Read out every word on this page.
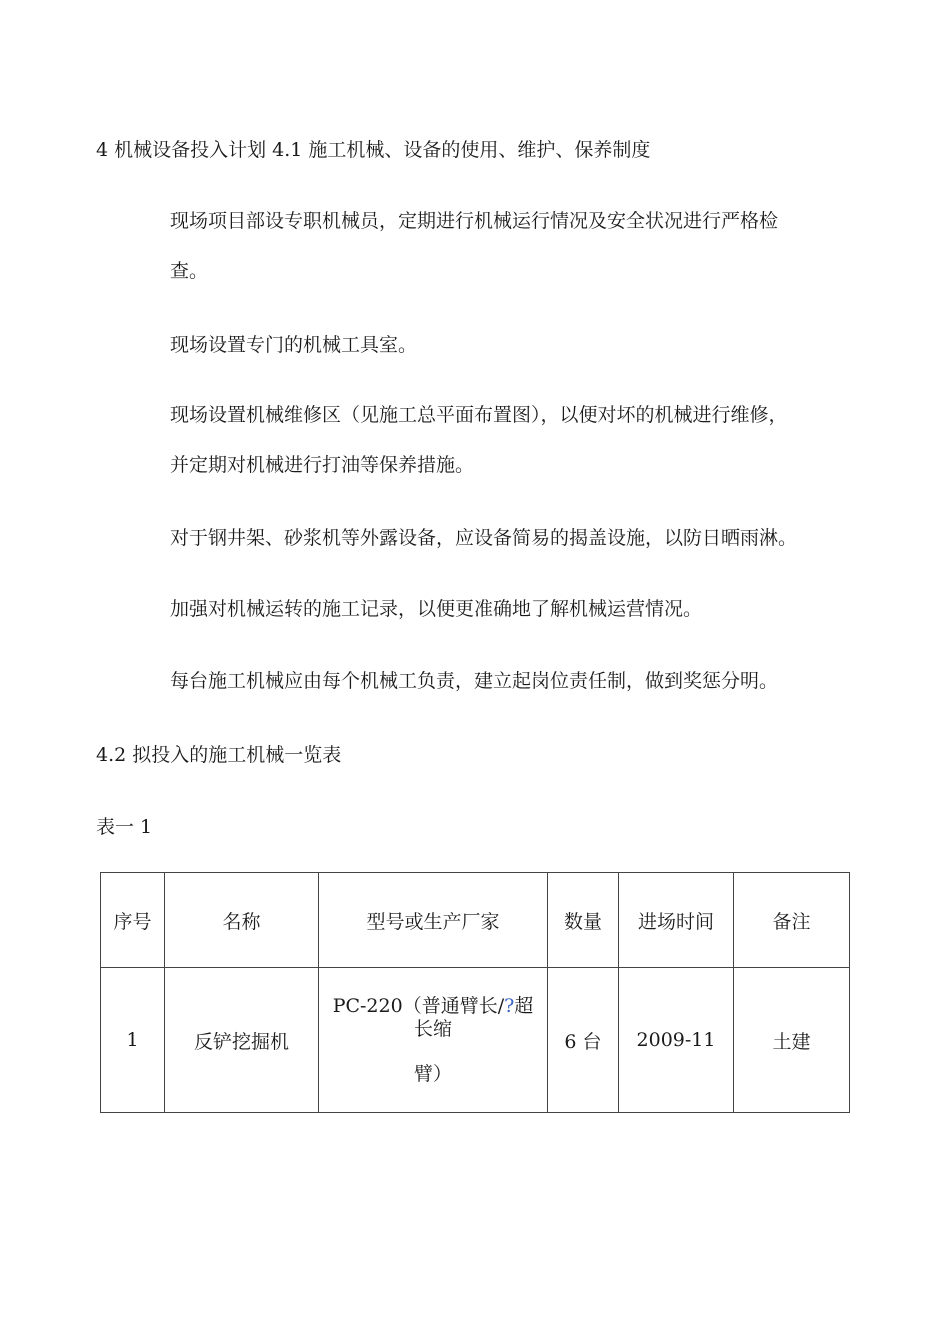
4 机械设备投入计划 4.1 施工机械、设备的使用、维护、保养制度
现场项目部设专职机械员，定期进行机械运行情况及安全状况进行严格检
查。
现场设置专门的机械工具室。
现场设置机械维修区（见施工总平面布置图），以便对坏的机械进行维修，
并定期对机械进行打油等保养措施。
对于钢井架、砂浆机等外露设备，应设备简易的揭盖设施，以防日晒雨淋。
加强对机械运转的施工记录，以便更准确地了解机械运营情况。
每台施工机械应由每个机械工负责，建立起岗位责任制，做到奖惩分明。
4.2 拟投入的施工机械一览表
表一 1
序号	名称	型号或生产厂家	数量	进场时间	备注
1	反铲挖掘机	PC-220（普通臂长/?超
长缩
臂）	6 台	2009-11	土建
